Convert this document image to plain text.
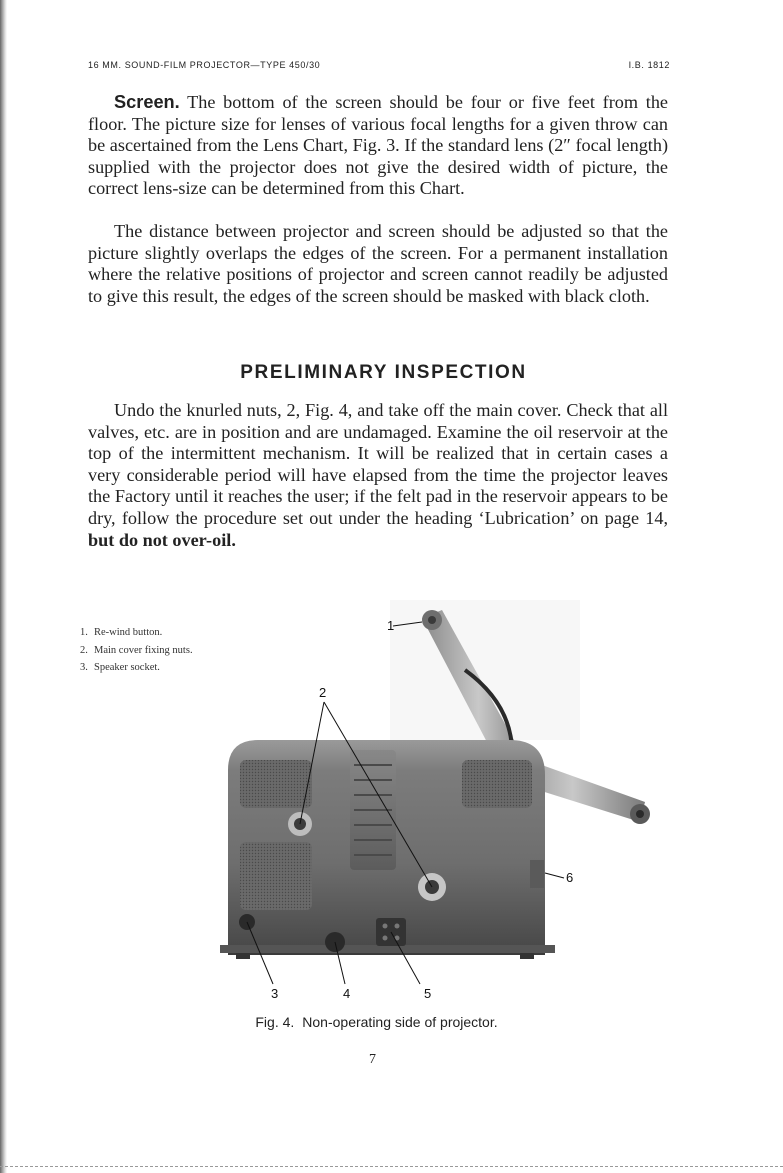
16 MM. SOUND-FILM PROJECTOR—TYPE 450/30	I.B. 1812

Screen. The bottom of the screen should be four or five feet from the floor. The picture size for lenses of various focal lengths for a given throw can be ascertained from the Lens Chart, Fig. 3. If the standard lens (2″ focal length) supplied with the projector does not give the desired width of picture, the correct lens-size can be determined from this Chart.

The distance between projector and screen should be adjusted so that the picture slightly overlaps the edges of the screen. For a permanent installation where the relative positions of projector and screen cannot readily be adjusted to give this result, the edges of the screen should be masked with black cloth.

PRELIMINARY INSPECTION

Undo the knurled nuts, 2, Fig. 4, and take off the main cover. Check that all valves, etc. are in position and are undamaged. Examine the oil reservoir at the top of the intermittent mechanism. It will be realized that in certain cases a very considerable period will have elapsed from the time the projector leaves the Factory until it reaches the user; if the felt pad in the reservoir appears to be dry, follow the procedure set out under the heading ‘Lubrication’ on page 14, but do not over-oil.

1. Re-wind button.
2. Main cover fixing nuts.
3. Speaker socket.
1
2
3	4	5
6
Fig. 4. Non-operating side of projector.
7
